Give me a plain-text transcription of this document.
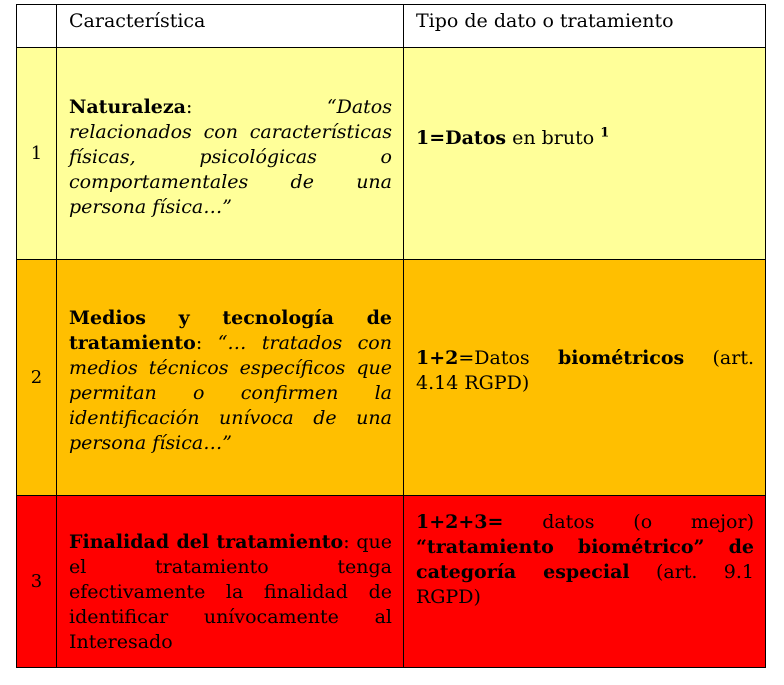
	Característica	Tipo de dato o tratamiento

1	Naturaleza: “Datos relacionados con características físicas, psicológicas o comportamentales de una persona física…”	1=Datos en bruto $^1$

2	Medios y tecnología de tratamiento: “… tratados con medios técnicos específicos que permitan o confirmen la identificación unívoca de una persona física…”	1+2=Datos biométricos (art. 4.14 RGPD)

3	Finalidad del tratamiento: que el tratamiento tenga efectivamente la finalidad de identificar unívocamente al Interesado	1+2+3= datos (o mejor) “tratamiento biométrico” de categoría especial (art. 9.1 RGPD)
